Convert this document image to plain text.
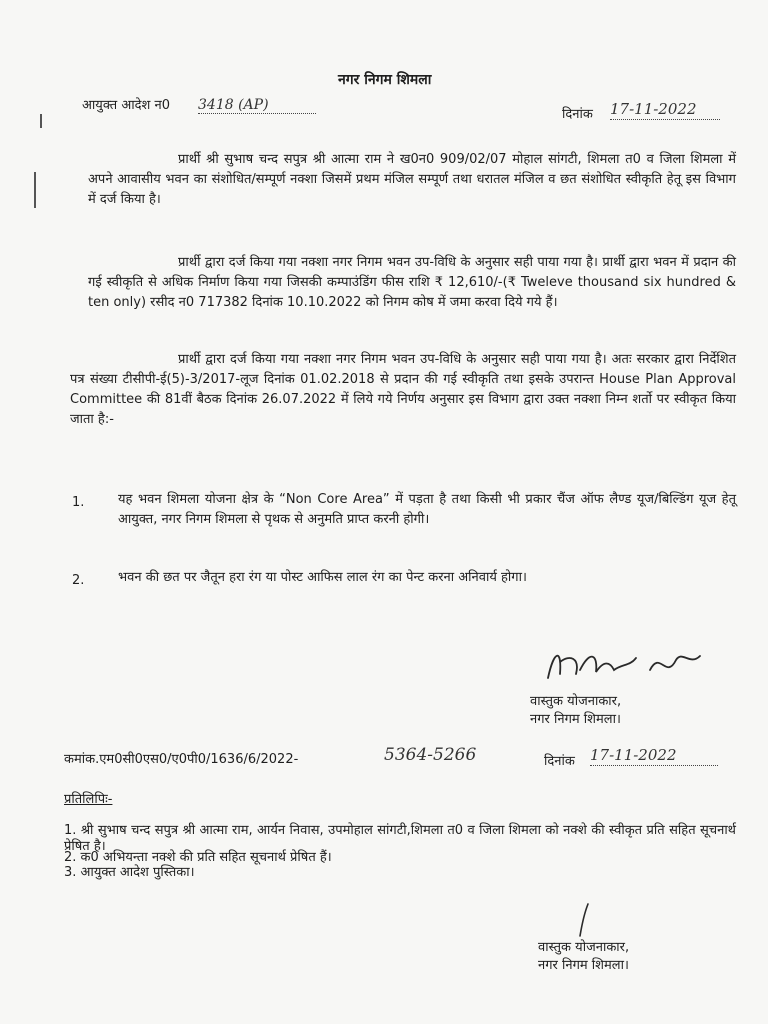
नगर निगम शिमला
आयुक्त आदेश न0 3418 (AP)
दिनांक 17-11-2022
प्रार्थी श्री सुभाष चन्द सपुत्र श्री आत्मा राम ने ख0न0 909/02/07 मोहाल सांगटी, शिमला त0 व जिला शिमला में अपने आवासीय भवन का संशोधित/सम्पूर्ण नक्शा जिसमें प्रथम मंजिल सम्पूर्ण तथा धरातल मंजिल व छत संशोधित स्वीकृति हेतू इस विभाग में दर्ज किया है।
प्रार्थी द्वारा दर्ज किया गया नक्शा नगर निगम भवन उप-विधि के अनुसार सही पाया गया है। प्रार्थी द्वारा भवन में प्रदान की गई स्वीकृति से अधिक निर्माण किया गया जिसकी कम्पाउंडिंग फीस राशि ₹ 12,610/-(₹ Tweleve thousand six hundred & ten only) रसीद न0 717382 दिनांक 10.10.2022 को निगम कोष में जमा करवा दिये गये हैं।
प्रार्थी द्वारा दर्ज किया गया नक्शा नगर निगम भवन उप-विधि के अनुसार सही पाया गया है। अतः सरकार द्वारा निर्देशित पत्र संख्या टीसीपी-ई(5)-3/2017-लूज दिनांक 01.02.2018 से प्रदान की गई स्वीकृति तथा इसके उपरान्त House Plan Approval Committee की 81वीं बैठक दिनांक 26.07.2022 में लिये गये निर्णय अनुसार इस विभाग द्वारा उक्त नक्शा निम्न शर्तो पर स्वीकृत किया जाता है:-
1.	यह भवन शिमला योजना क्षेत्र के “Non Core Area” में पड़ता है तथा किसी भी प्रकार चैंज ऑफ लैण्ड यूज/बिल्डिंग यूज हेतू आयुक्त, नगर निगम शिमला से पृथक से अनुमति प्राप्त करनी होगी।
2.	भवन की छत पर जैतून हरा रंग या पोस्ट आफिस लाल रंग का पेन्ट करना अनिवार्य होगा।
वास्तुक योजनाकार,
नगर निगम शिमला।
कमांक.एम0सी0एस0/ए0पी0/1636/6/2022-	5364-5266	दिनांक 17-11-2022
प्रतिलिपिः-
1. श्री सुभाष चन्द सपुत्र श्री आत्मा राम, आर्यन निवास, उपमोहाल सांगटी,शिमला त0 व जिला शिमला को नक्शे की स्वीकृत प्रति सहित सूचनार्थ प्रेषित है।
2. क0 अभियन्ता नक्शे की प्रति सहित सूचनार्थ प्रेषित हैं।
3. आयुक्त आदेश पुस्तिका।
वास्तुक योजनाकार,
नगर निगम शिमला।
